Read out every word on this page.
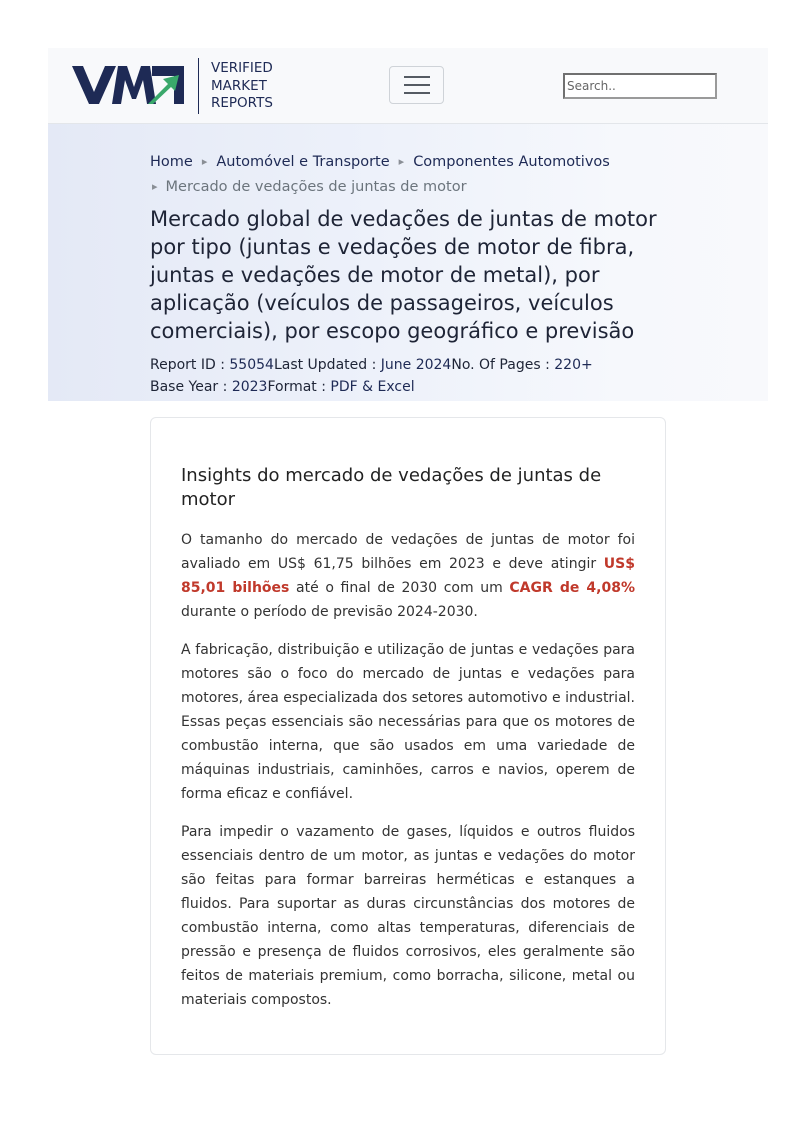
VERIFIED
MARKET
REPORTS
Search..
Home ▸ Automóvel e Transporte ▸ Componentes Automotivos
▸ Mercado de vedações de juntas de motor
Mercado global de vedações de juntas de motor por tipo (juntas e vedações de motor de fibra, juntas e vedações de motor de metal), por aplicação (veículos de passageiros, veículos comerciais), por escopo geográfico e previsão
Report ID : 55054Last Updated : June 2024No. Of Pages : 220+
Base Year : 2023Format : PDF & Excel
Insights do mercado de vedações de juntas de motor

O tamanho do mercado de vedações de juntas de motor foi avaliado em US$ 61,75 bilhões em 2023 e deve atingir US$ 85,01 bilhões até o final de 2030 com um CAGR de 4,08% durante o período de previsão 2024-2030.

A fabricação, distribuição e utilização de juntas e vedações para motores são o foco do mercado de juntas e vedações para motores, área especializada dos setores automotivo e industrial. Essas peças essenciais são necessárias para que os motores de combustão interna, que são usados em uma variedade de máquinas industriais, caminhões, carros e navios, operem de forma eficaz e confiável.

Para impedir o vazamento de gases, líquidos e outros fluidos essenciais dentro de um motor, as juntas e vedações do motor são feitas para formar barreiras herméticas e estanques a fluidos. Para suportar as duras circunstâncias dos motores de combustão interna, como altas temperaturas, diferenciais de pressão e presença de fluidos corrosivos, eles geralmente são feitos de materiais premium, como borracha, silicone, metal ou materiais compostos.
